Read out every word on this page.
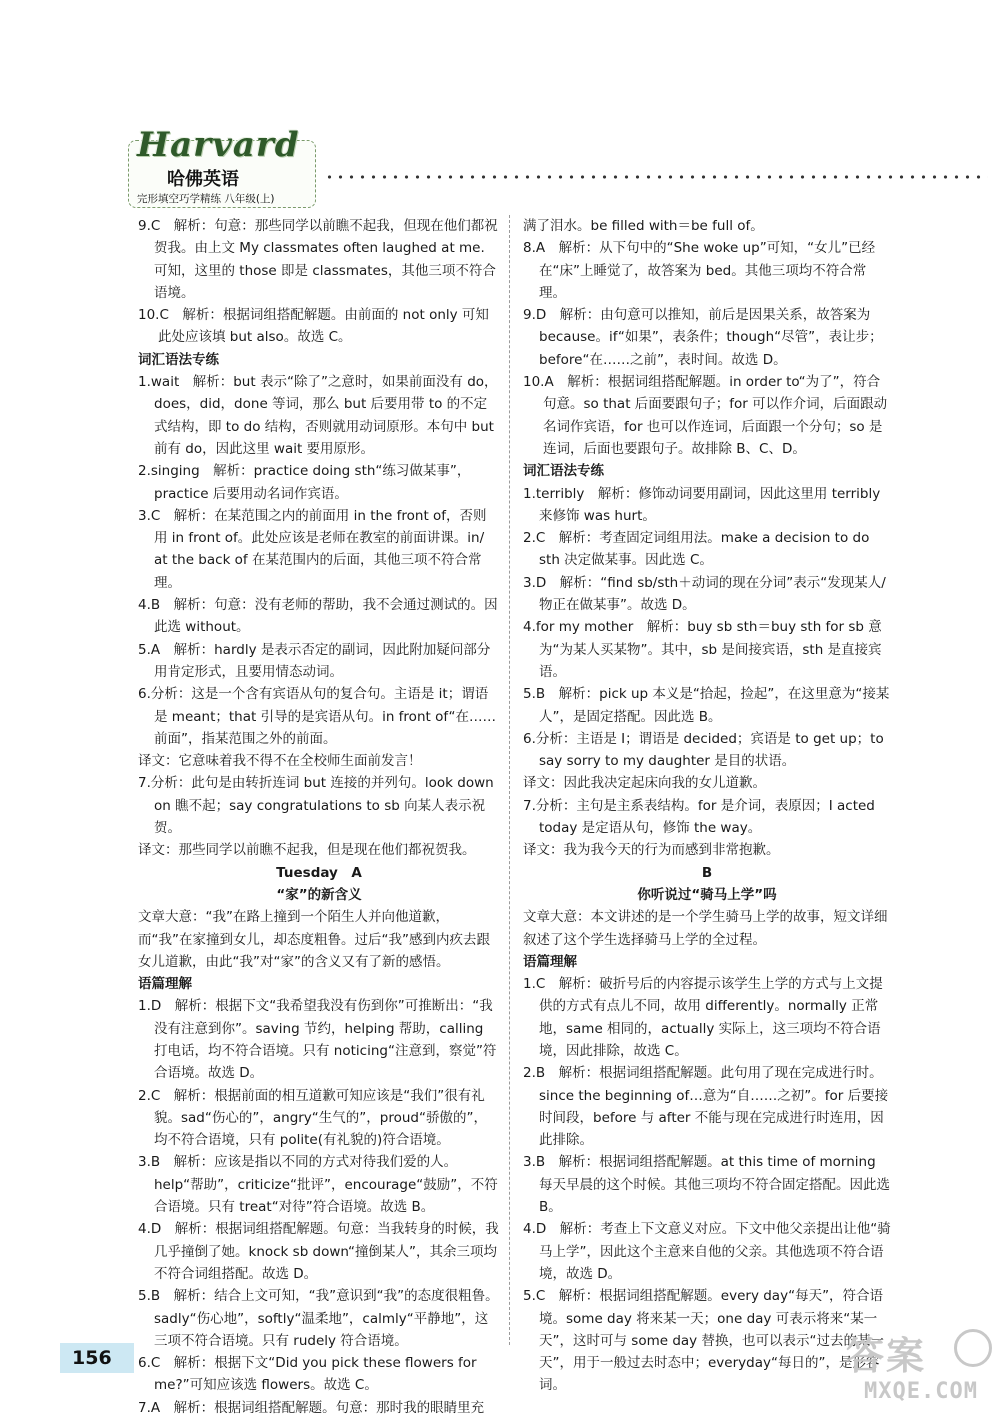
Harvard
哈佛英语
完形填空巧学精练 八年级(上)

9.C　解析：句意：那些同学以前瞧不起我，但现在他们都祝贺我。由上文 My classmates often laughed at me. 可知，这里的 those 即是 classmates，其他三项不符合语境。

10.C　解析：根据词组搭配解题。由前面的 not only 可知此处应该填 but also。故选 C。

词汇语法专练

1.wait　解析：but 表示“除了”之意时，如果前面没有 do，does，did，done 等词，那么 but 后要用带 to 的不定式结构，即 to do 结构，否则就用动词原形。本句中 but 前有 do，因此这里 wait 要用原形。

2.singing　解析：practice doing sth“练习做某事”，practice 后要用动名词作宾语。

3.C　解析：在某范围之内的前面用 in the front of，否则用 in front of。此处应该是老师在教室的前面讲课。in/ at the back of 在某范围内的后面，其他三项不符合常理。

4.B　解析：句意：没有老师的帮助，我不会通过测试的。因此选 without。

5.A　解析：hardly 是表示否定的副词，因此附加疑问部分用肯定形式，且要用情态动词。

6.分析：这是一个含有宾语从句的复合句。主语是 it；谓语是 meant；that 引导的是宾语从句。in front of“在……前面”，指某范围之外的前面。

译文：它意味着我不得不在全校师生面前发言！

7.分析：此句是由转折连词 but 连接的并列句。look down on 瞧不起；say congratulations to sb 向某人表示祝贺。

译文：那些同学以前瞧不起我，但是现在他们都祝贺我。

Tuesday　A

“家”的新含义

文章大意：“我”在路上撞到一个陌生人并向他道歉，而“我”在家撞到女儿，却态度粗鲁。过后“我”感到内疚去跟女儿道歉，由此“我”对“家”的含义又有了新的感悟。

语篇理解

1.D　解析：根据下文“我希望我没有伤到你”可推断出：“我没有注意到你”。saving 节约，helping 帮助，calling 打电话，均不符合语境。只有 noticing“注意到，察觉”符合语境。故选 D。

2.C　解析：根据前面的相互道歉可知应该是“我们”很有礼貌。sad“伤心的”，angry“生气的”，proud“骄傲的”，均不符合语境，只有 polite(有礼貌的)符合语境。

3.B　解析：应该是指以不同的方式对待我们爱的人。help“帮助”，criticize“批评”，encourage“鼓励”，不符合语境。只有 treat“对待”符合语境。故选 B。

4.D　解析：根据词组搭配解题。句意：当我转身的时候，我几乎撞倒了她。knock sb down“撞倒某人”，其余三项均不符合词组搭配。故选 D。

5.B　解析：结合上文可知，“我”意识到“我”的态度很粗鲁。sadly“伤心地”，softly“温柔地”，calmly“平静地”，这三项不符合语境。只有 rudely 符合语境。

6.C　解析：根据下文“Did you pick these flowers for me?”可知应该选 flowers。故选 C。

7.A　解析：根据词组搭配解题。句意：那时我的眼睛里充

满了泪水。be filled with＝be full of。

8.A　解析：从下句中的“She woke up”可知，“女儿”已经在“床”上睡觉了，故答案为 bed。其他三项均不符合常理。

9.D　解析：由句意可以推知，前后是因果关系，故答案为 because。if“如果”，表条件；though“尽管”，表让步；before“在……之前”，表时间。故选 D。

10.A　解析：根据词组搭配解题。in order to“为了”，符合句意。so that 后面要跟句子；for 可以作介词，后面跟动名词作宾语，for 也可以作连词，后面跟一个分句；so 是连词，后面也要跟句子。故排除 B、C、D。

词汇语法专练

1.terribly　解析：修饰动词要用副词，因此这里用 terribly 来修饰 was hurt。

2.C　解析：考查固定词组用法。make a decision to do sth 决定做某事。因此选 C。

3.D　解析：“find sb/sth＋动词的现在分词”表示“发现某人/物正在做某事”。故选 D。

4.for my mother　解析：buy sb sth＝buy sth for sb 意为“为某人买某物”。其中，sb 是间接宾语，sth 是直接宾语。

5.B　解析：pick up 本义是“拾起，捡起”，在这里意为“接某人”，是固定搭配。因此选 B。

6.分析：主语是 I；谓语是 decided；宾语是 to get up；to say sorry to my daughter 是目的状语。

译文：因此我决定起床向我的女儿道歉。

7.分析：主句是主系表结构。for 是介词，表原因；I acted today 是定语从句，修饰 the way。

译文：我为我今天的行为而感到非常抱歉。

B

你听说过“骑马上学”吗

文章大意：本文讲述的是一个学生骑马上学的故事，短文详细叙述了这个学生选择骑马上学的全过程。

语篇理解

1.C　解析：破折号后的内容提示该学生上学的方式与上文提供的方式有点儿不同，故用 differently。normally 正常地，same 相同的，actually 实际上，这三项均不符合语境，因此排除，故选 C。

2.B　解析：根据词组搭配解题。此句用了现在完成进行时。since the beginning of…意为“自……之初”。for 后要接时间段，before 与 after 不能与现在完成进行时连用，因此排除。

3.B　解析：根据词组搭配解题。at this time of morning 每天早晨的这个时候。其他三项均不符合固定搭配。因此选 B。

4.D　解析：考查上下文意义对应。下文中他父亲提出让他“骑马上学”，因此这个主意来自他的父亲。其他选项不符合语境，故选 D。

5.C　解析：根据词组搭配解题。every day“每天”，符合语境。some day 将来某一天；one day 可表示将来“某一天”，这时可与 some day 替换，也可以表示“过去的某一天”，用于一般过去时态中；everyday“每日的”，是形容词。

156	答案
MXQE.COM
